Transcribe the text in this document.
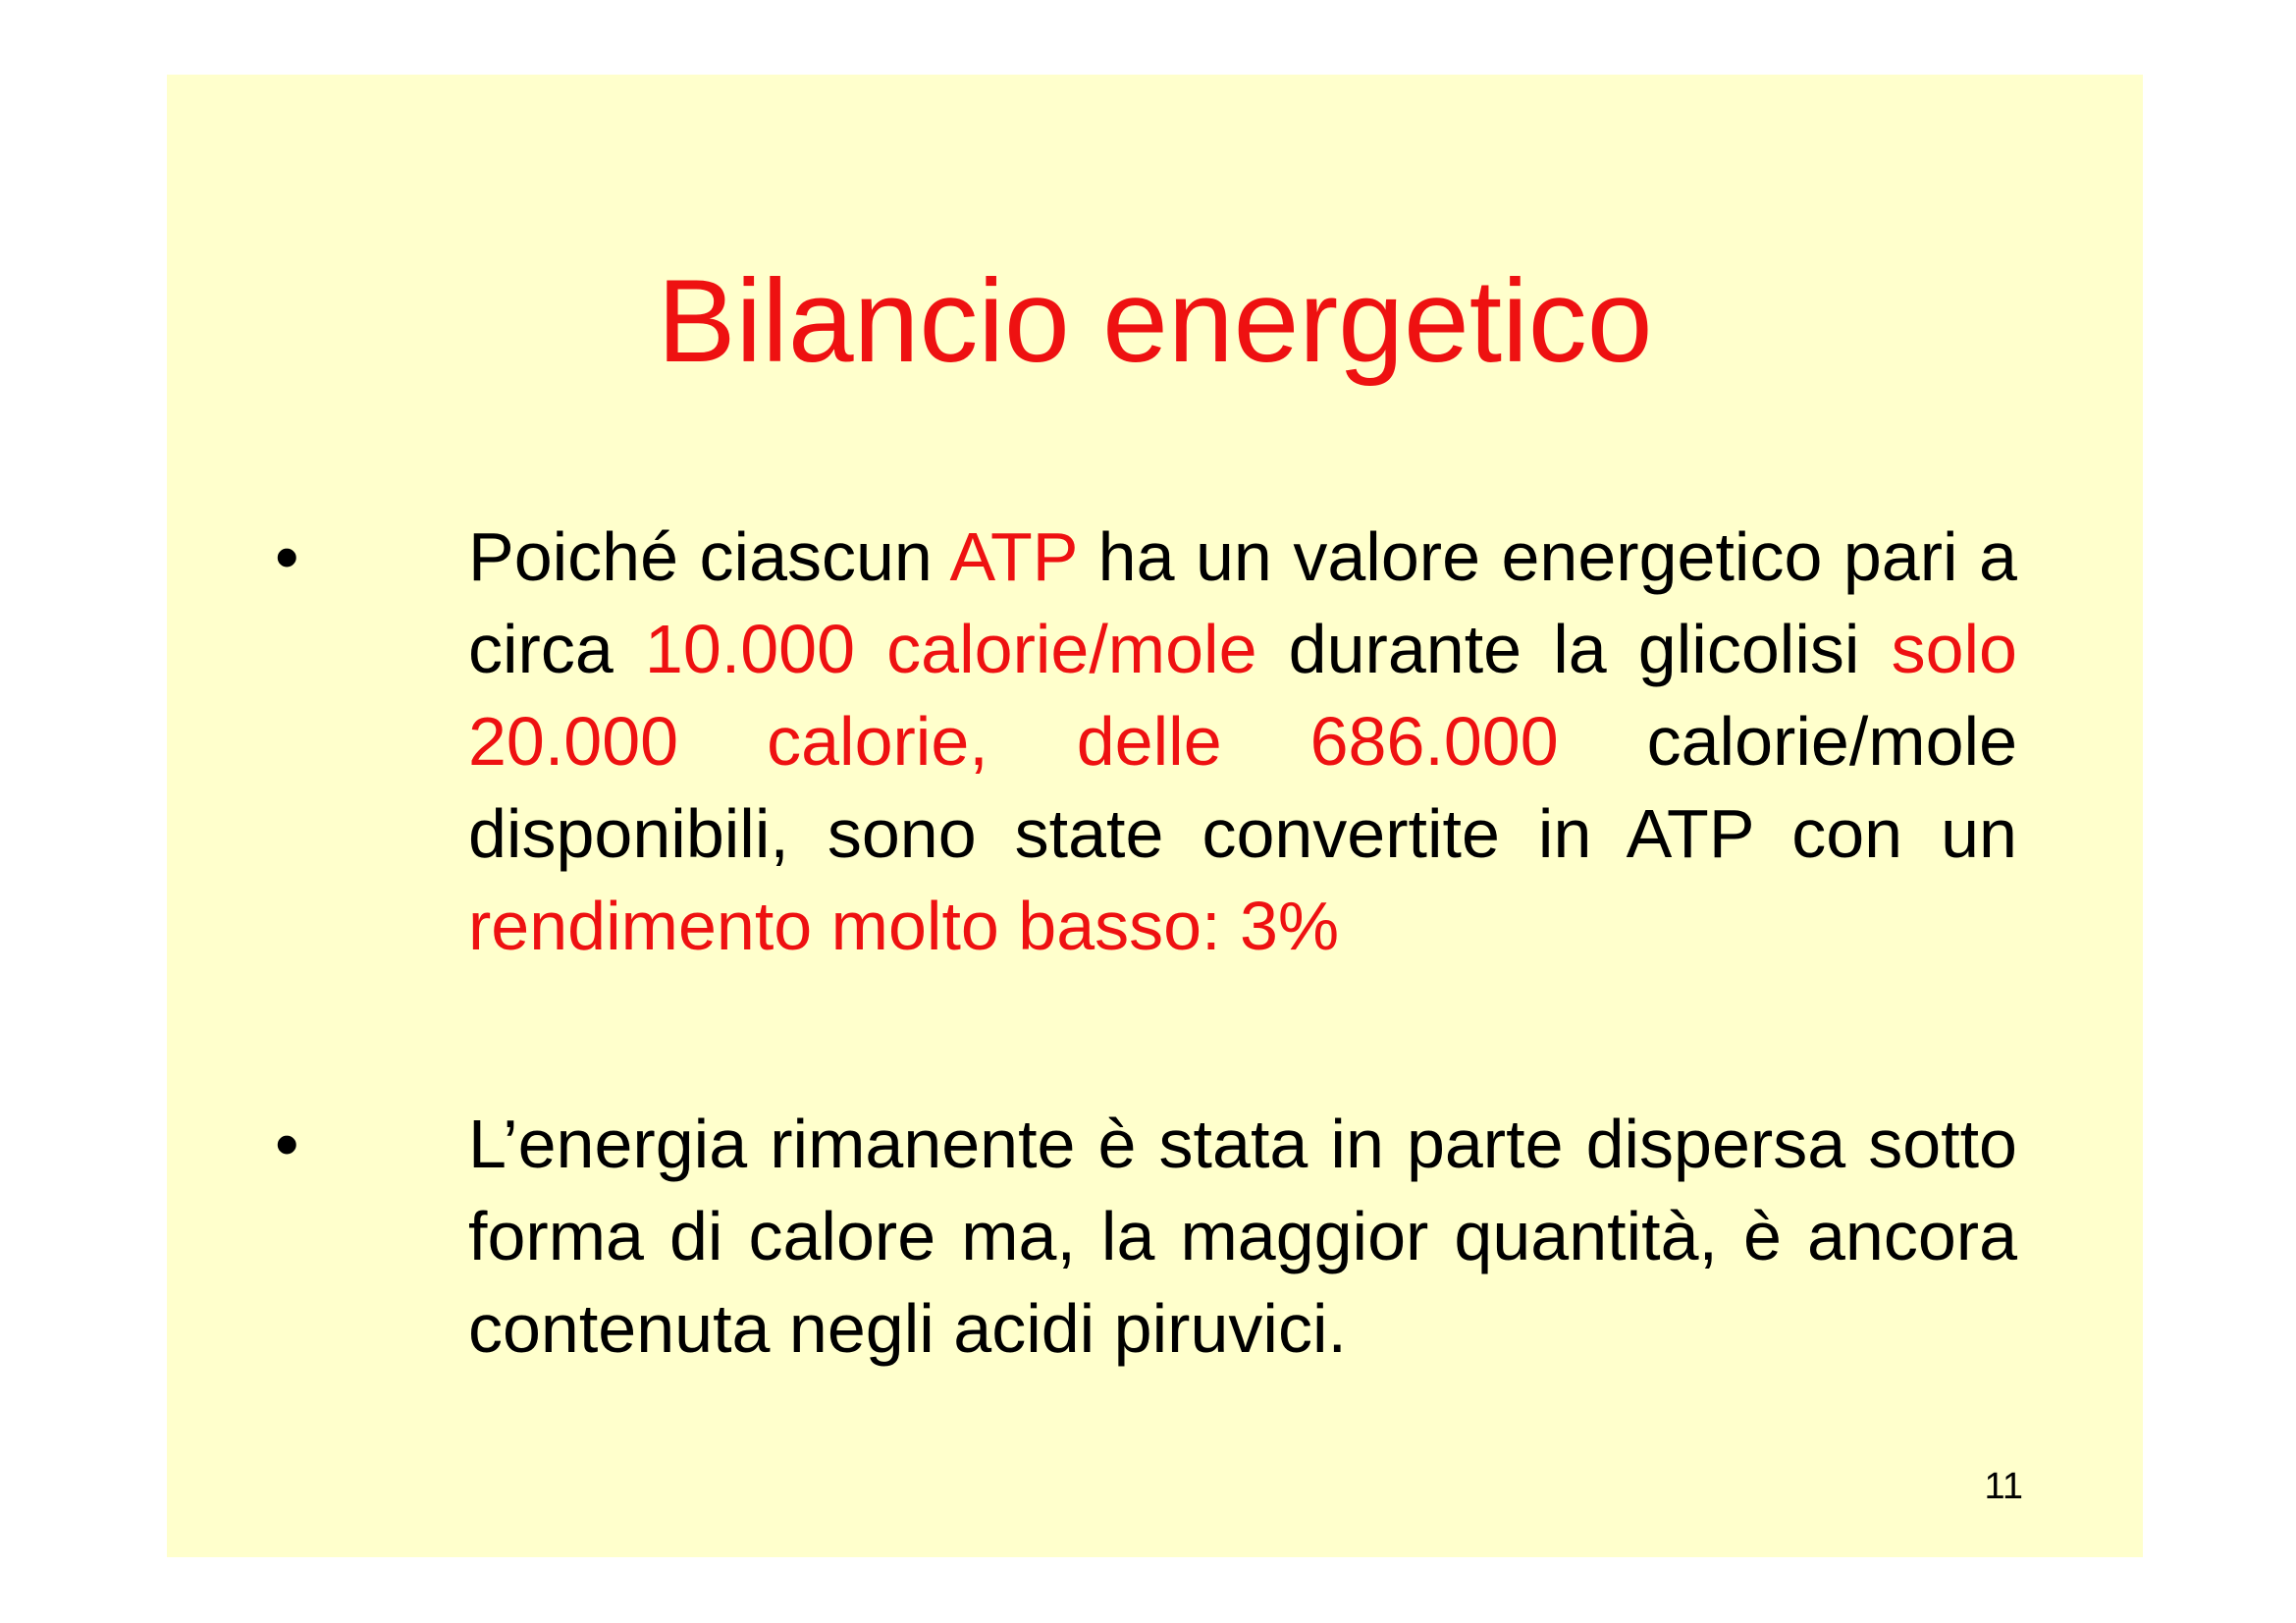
Bilancio energetico
•	Poiché ciascun ATP ha un valore energetico pari a circa 10.000 calorie/mole durante la glicolisi solo 20.000 calorie, delle 686.000 calorie/mole disponibili, sono state convertite in ATP con un rendimento molto basso: 3%
•	L’energia rimanente è stata in parte dispersa sotto forma di calore ma, la maggior quantità, è ancora contenuta negli acidi piruvici.
11
